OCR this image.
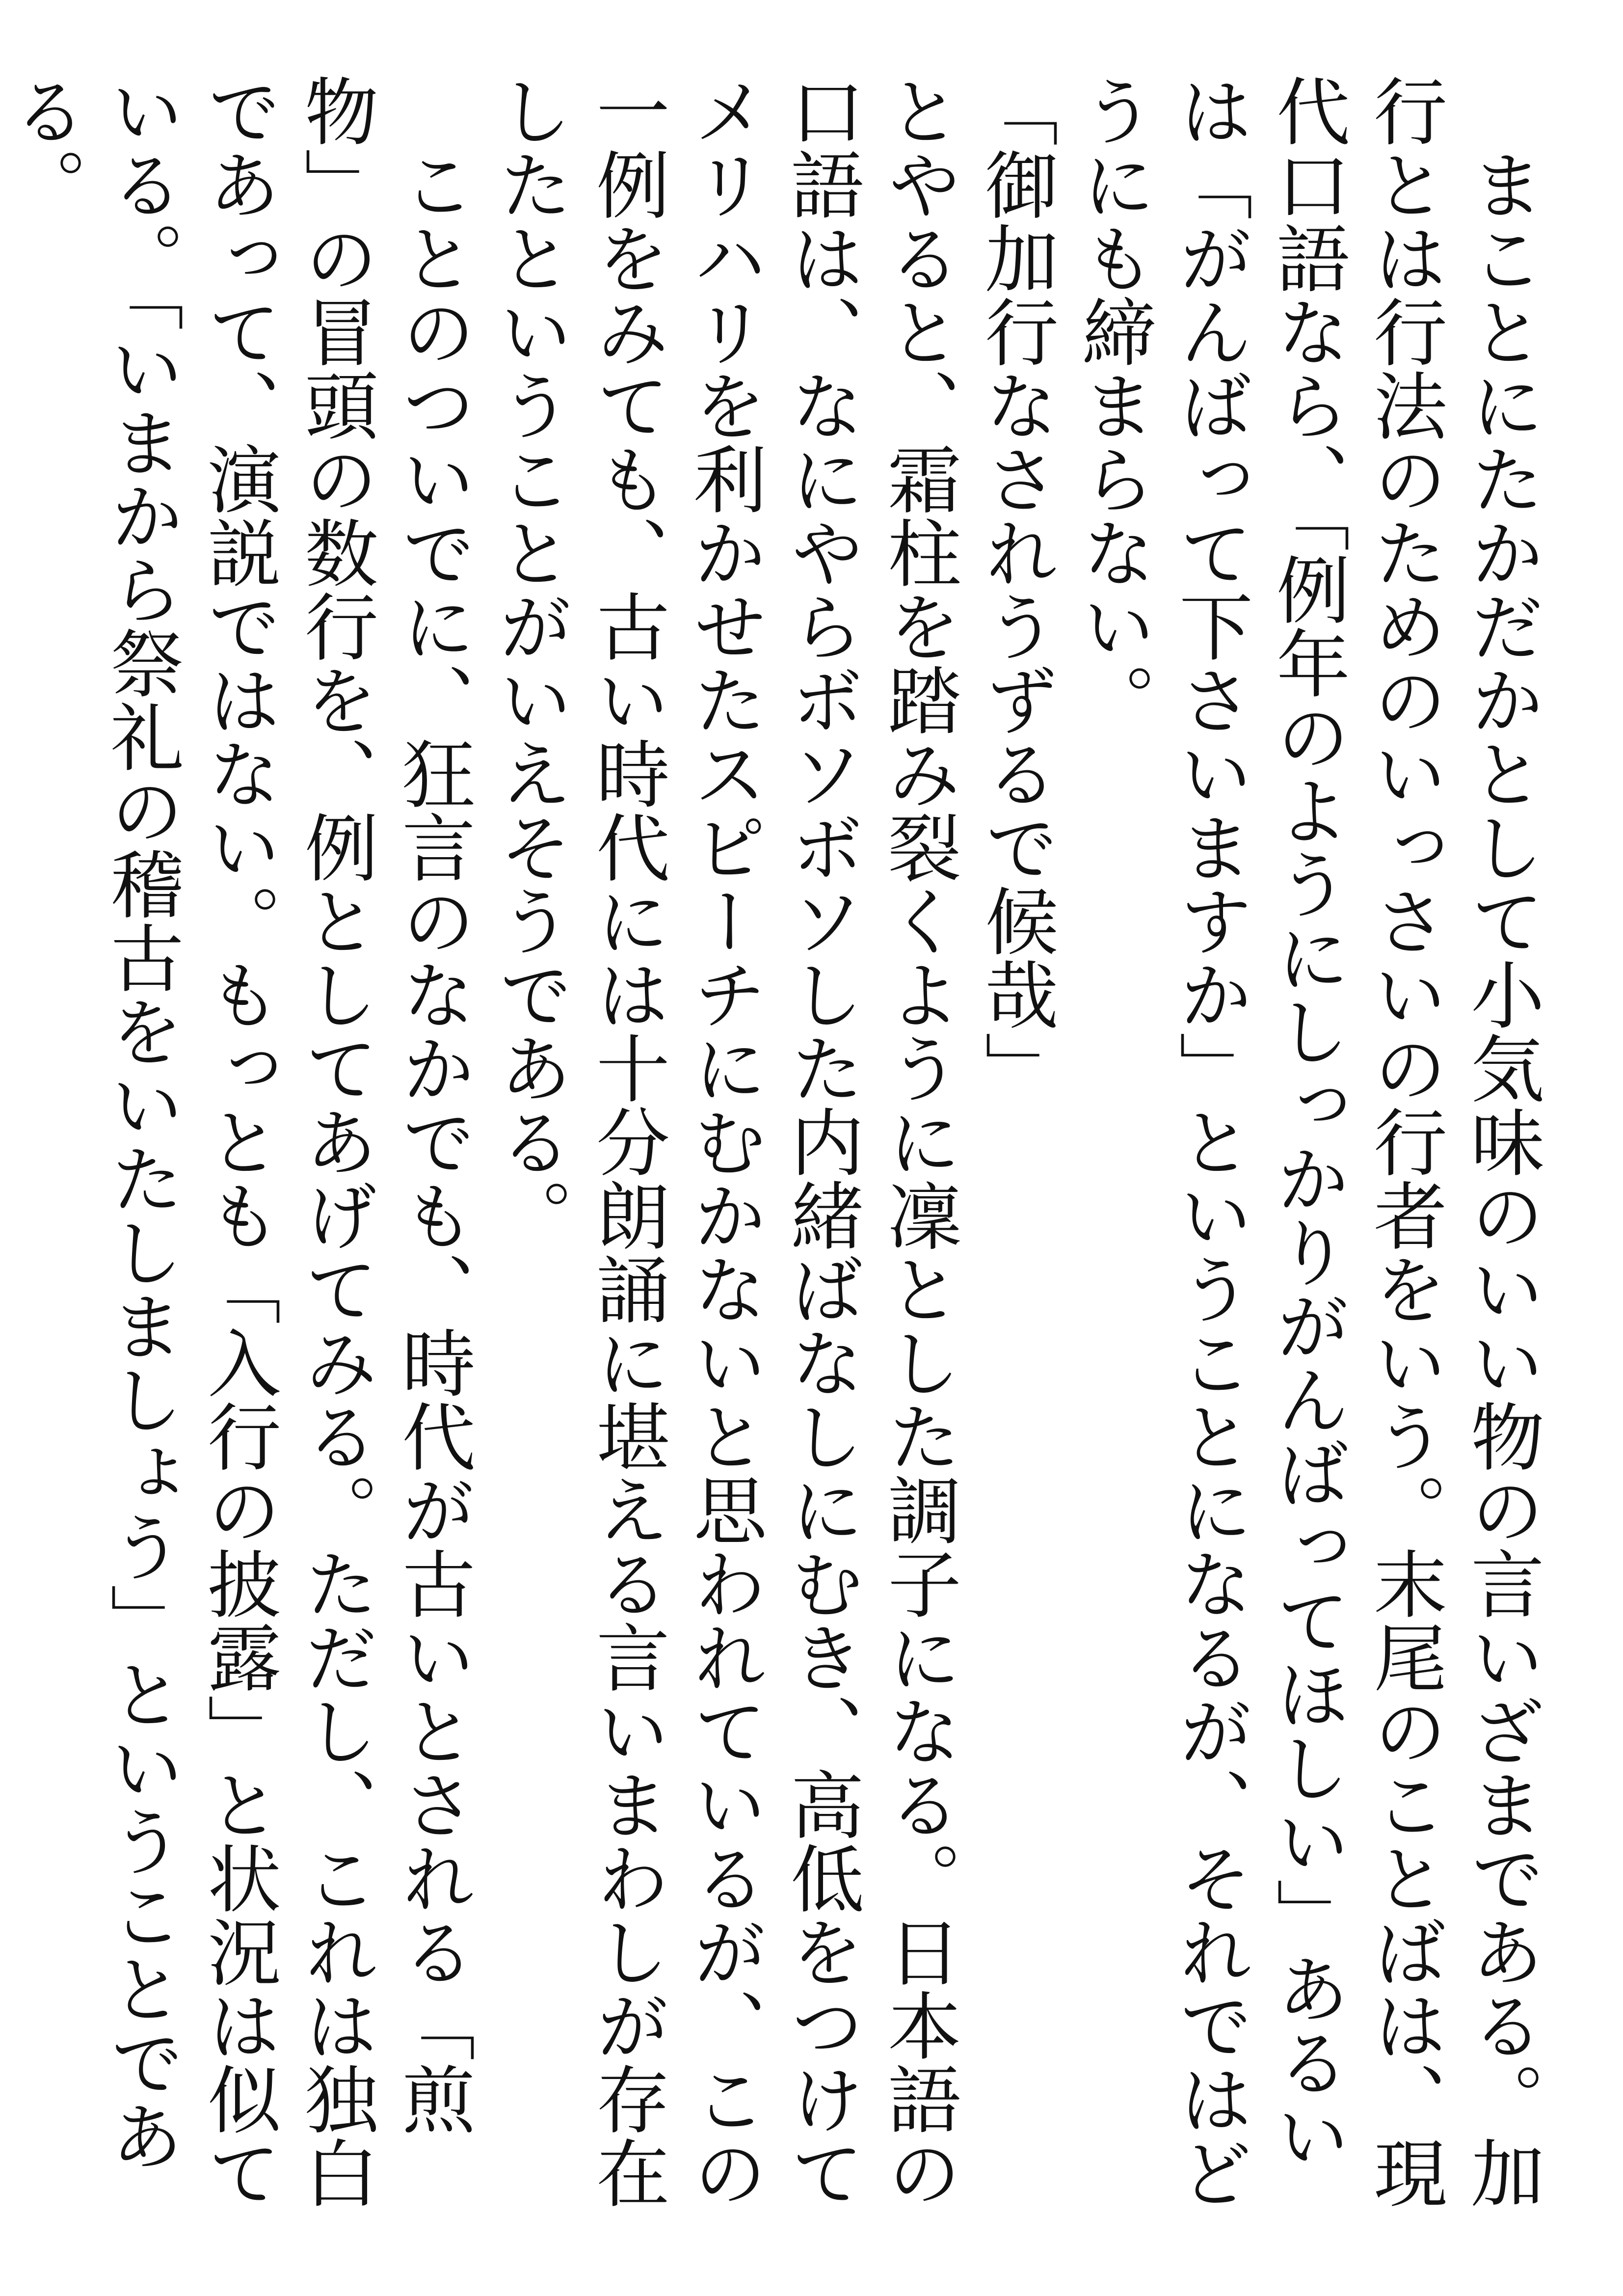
　まことにたかだかとして小気味のいい物の言いざまである。加行とは行法のためのいっさいの行者をいう。末尾のことばは、現代口語なら、「例年のようにしっかりがんばってほしい」あるいは「がんばって下さいますか」ということになるが、それではどうにも締まらない。

「御加行なされうずるで候哉」

とやると、霜柱を踏み裂くように凜とした調子になる。日本語の口語は、なにやらボソボソした内緒ばなしにむき、高低をつけてメリハリを利かせたスピーチにむかないと思われているが、この一例をみても、古い時代には十分朗誦に堪える言いまわしが存在したということがいえそうである。

　ことのついでに、狂言のなかでも、時代が古いとされる「煎物」の冒頭の数行を、例としてあげてみる。ただし、これは独白であって、演説ではない。もっとも「入行の披露」と状況は似ている。「いまから祭礼の稽古をいたしましょう」ということである。
